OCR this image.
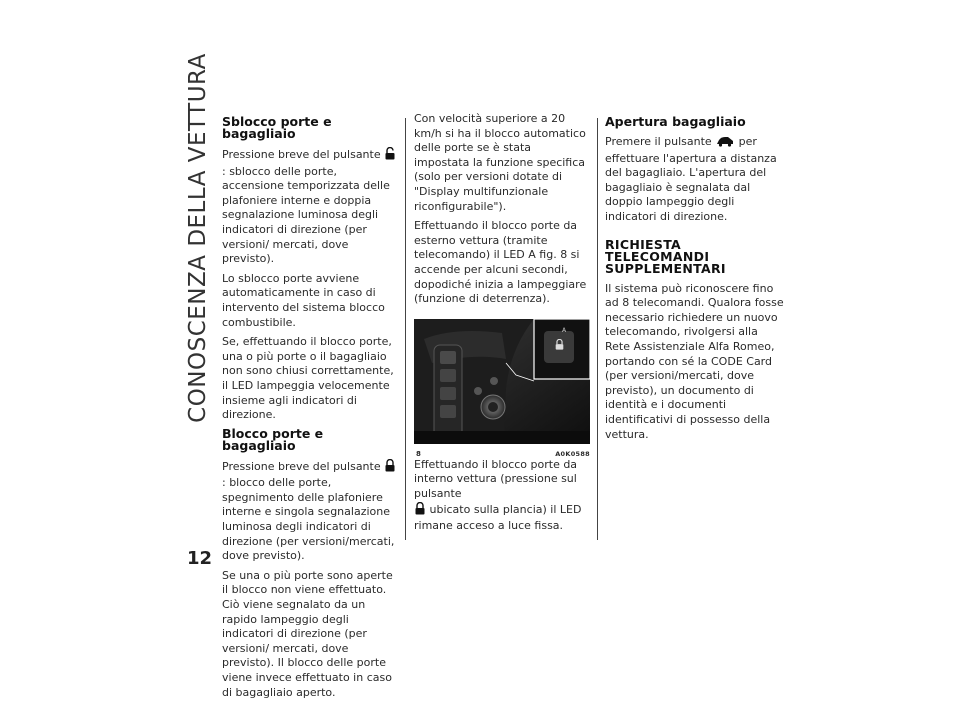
CONOSCENZA DELLA VETTURA
12
Sblocco porte e bagagliaio

Pressione breve del pulsante  : sblocco delle porte, accensione temporizzata delle plafoniere interne e doppia segnalazione luminosa degli indicatori di direzione (per versioni/ mercati, dove previsto).

Lo sblocco porte avviene automaticamente in caso di intervento del sistema blocco combustibile.

Se, effettuando il blocco porte, una o più porte o il bagagliaio non sono chiusi correttamente, il LED lampeggia velocemente insieme agli indicatori di direzione.

Blocco porte e bagagliaio

Pressione breve del pulsante  : blocco delle porte, spegnimento delle plafoniere interne e singola segnalazione luminosa degli indicatori di direzione (per versioni/mercati, dove previsto).

Se una o più porte sono aperte il blocco non viene effettuato. Ciò viene segnalato da un rapido lampeggio degli indicatori di direzione (per versioni/ mercati, dove previsto). Il blocco delle porte viene invece effettuato in caso di bagagliaio aperto.

Con velocità superiore a 20 km/h si ha il blocco automatico delle porte se è stata impostata la funzione specifica (solo per versioni dotate di "Display multifunzionale riconfigurabile").

Effettuando il blocco porte da esterno vettura (tramite telecomando) il LED A fig. 8 si accende per alcuni secondi, dopodiché inizia a lampeggiare (funzione di deterrenza).

A
8	A0K0588

Effettuando il blocco porte da interno vettura (pressione sul pulsante
ubicato sulla plancia) il LED rimane acceso a luce fissa.

Apertura bagagliaio

Premere il pulsante per effettuare l'apertura a distanza del bagagliaio. L'apertura del bagagliaio è segnalata dal doppio lampeggio degli indicatori di direzione.

RICHIESTA TELECOMANDI SUPPLEMENTARI

Il sistema può riconoscere fino ad 8 telecomandi. Qualora fosse necessario richiedere un nuovo telecomando, rivolgersi alla Rete Assistenziale Alfa Romeo, portando con sé la CODE Card (per versioni/mercati, dove previsto), un documento di identità e i documenti identificativi di possesso della vettura.
